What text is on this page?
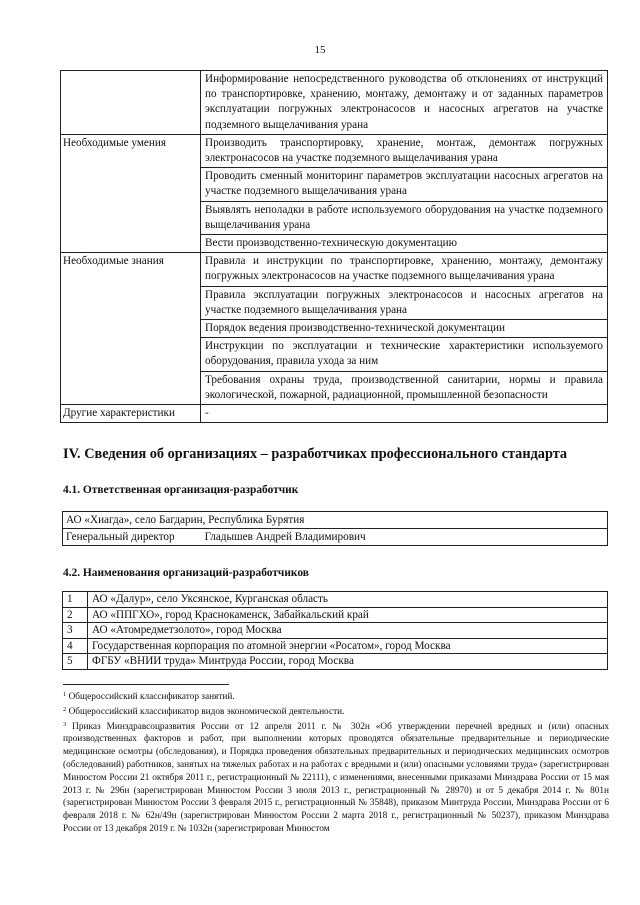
15
	Информирование непосредственного руководства об отклонениях от инструкций по транспортировке, хранению, монтажу, демонтажу и от заданных параметров эксплуатации погружных электронасосов и насосных агрегатов на участке подземного выщелачивания урана
Необходимые умения	Производить транспортировку, хранение, монтаж, демонтаж погружных электронасосов на участке подземного выщелачивания урана
	Проводить сменный мониторинг параметров эксплуатации насосных агрегатов на участке подземного выщелачивания урана
	Выявлять неполадки в работе используемого оборудования на участке подземного выщелачивания урана
	Вести производственно-техническую документацию
Необходимые знания	Правила и инструкции по транспортировке, хранению, монтажу, демонтажу погружных электронасосов на участке подземного выщелачивания урана
	Правила эксплуатации погружных электронасосов и насосных агрегатов на участке подземного выщелачивания урана
	Порядок ведения производственно-технической документации
	Инструкции по эксплуатации и технические характеристики используемого оборудования, правила ухода за ним
	Требования охраны труда, производственной санитарии, нормы и правила экологической, пожарной, радиационной, промышленной безопасности
Другие характеристики	-
IV. Сведения об организациях – разработчиках профессионального стандарта
4.1. Ответственная организация-разработчик
АО «Хиагда», село Багдарин, Республика Бурятия
Генеральный директор	Гладышев Андрей Владимирович
4.2. Наименования организаций-разработчиков
1	АО «Далур», село Уксянское, Курганская область
2	АО «ППГХО», город Краснокаменск, Забайкальский край
3	АО «Атомредметзолото», город Москва
4	Государственная корпорация по атомной энергии «Росатом», город Москва
5	ФГБУ «ВНИИ труда» Минтруда России, город Москва

$^1$ Общероссийский классификатор занятий.

$^2$ Общероссийский классификатор видов экономической деятельности.

$^3$ Приказ Минздравсоцразвития России от 12 апреля 2011 г. № 302н «Об утверждении перечней вредных и (или) опасных производственных факторов и работ, при выполнении которых проводятся обязательные предварительные и периодические медицинские осмотры (обследования), и Порядка проведения обязательных предварительных и периодических медицинских осмотров (обследований) работников, занятых на тяжелых работах и на работах с вредными и (или) опасными условиями труда» (зарегистрирован Минюстом России 21 октября 2011 г., регистрационный № 22111), с изменениями, внесенными приказами Минздрава России от 15 мая 2013 г. № 296н (зарегистрирован Минюстом России 3 июля 2013 г., регистрационный № 28970) и от 5 декабря 2014 г. № 801н (зарегистрирован Минюстом России 3 февраля 2015 г., регистрационный № 35848), приказом Минтруда России, Минздрава России от 6 февраля 2018 г. № 62н/49н (зарегистрирован Минюстом России 2 марта 2018 г., регистрационный № 50237), приказом Минздрава России от 13 декабря 2019 г. № 1032н (зарегистрирован Минюстом
